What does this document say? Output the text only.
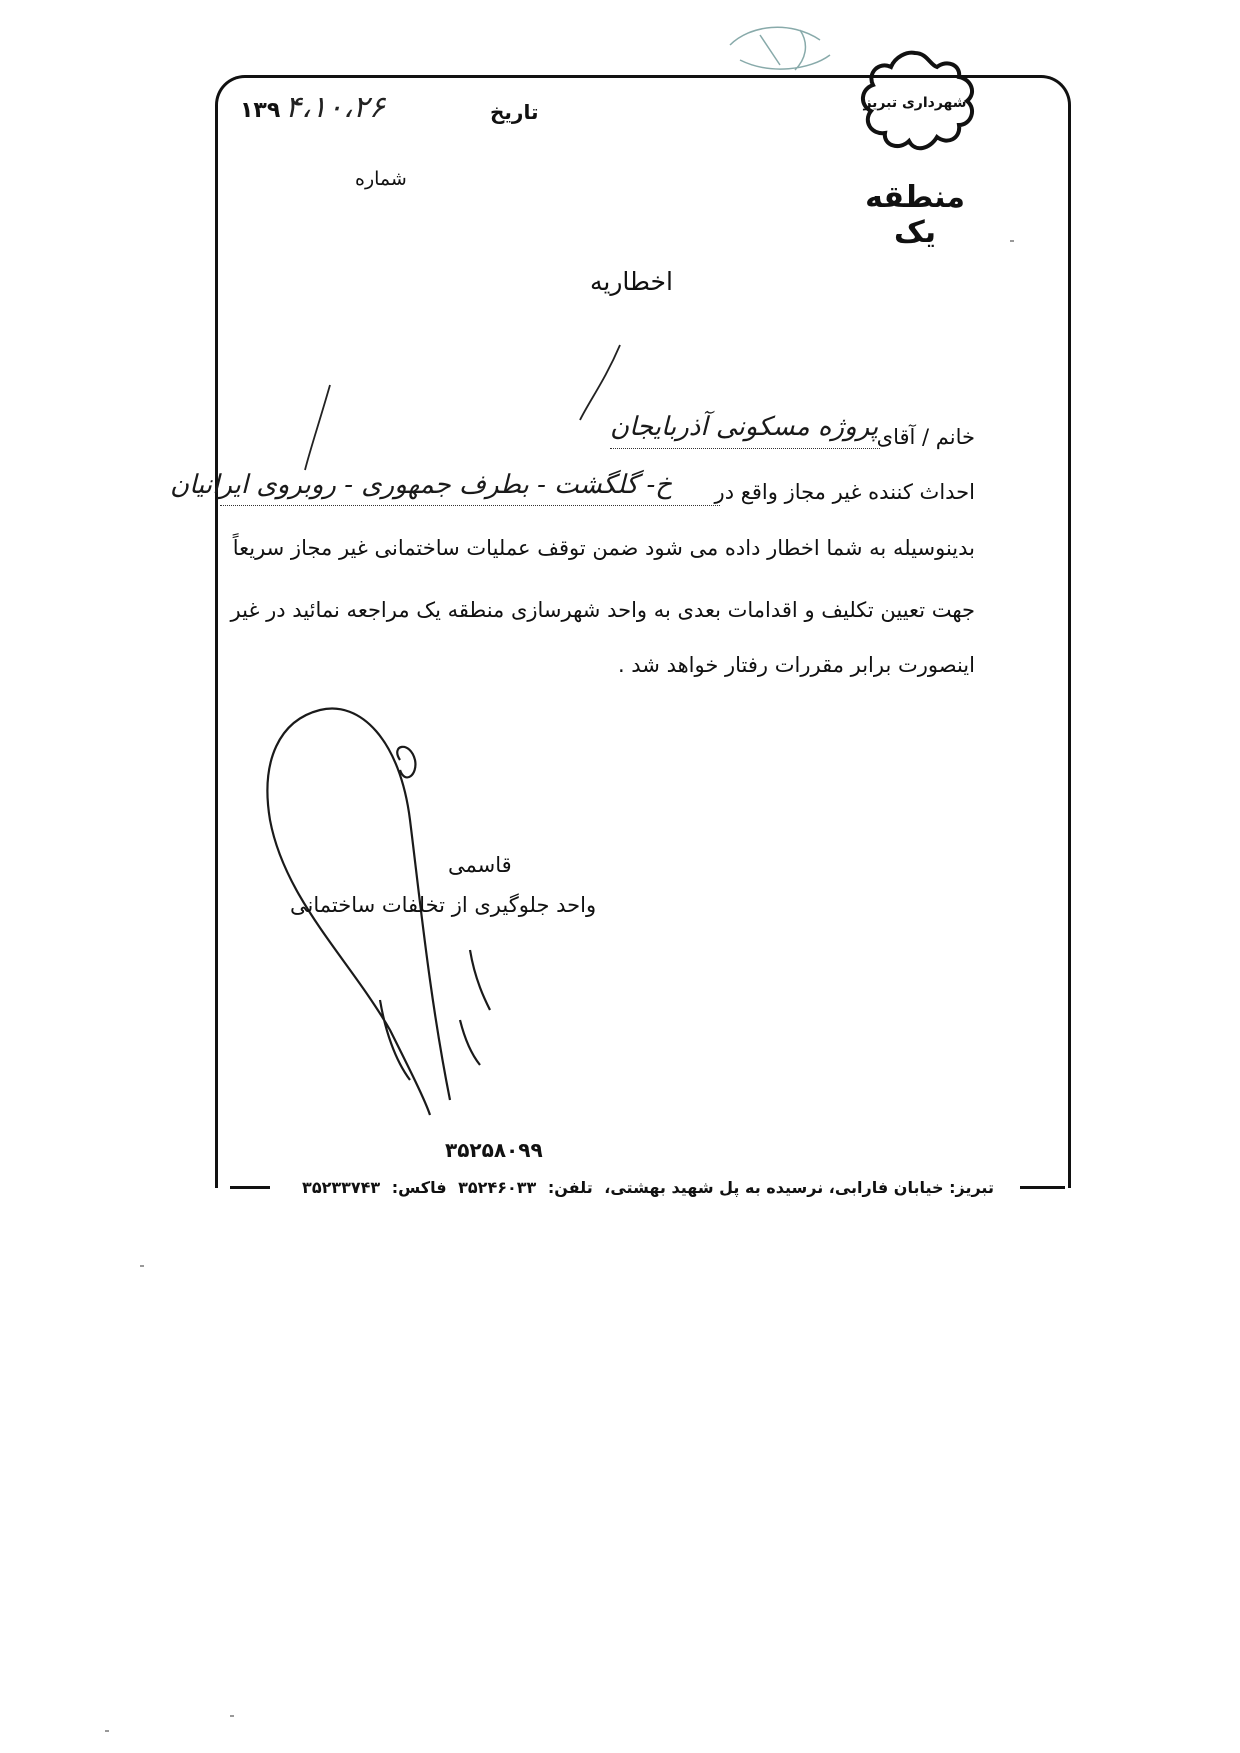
شهرداری تبریز
منطقه یک
تاریخ
۴،۱۰،۲۶
۱۳۹
شماره
اخطاریه
خانم / آقای
پروژه مسکونی آذربایجان
احداث کننده غیر مجاز واقع در
خ- گلگشت - بطرف جمهوری - روبروی ایرانیان
بدینوسیله به شما اخطار داده می شود ضمن توقف عملیات ساختمانی غیر مجاز سریعاً
جهت تعیین تکلیف و اقدامات بعدی به واحد شهرسازی منطقه یک مراجعه نمائید در غیر
اینصورت برابر مقررات رفتار خواهد شد .
قاسمی
واحد جلوگیری از تخلفات ساختمانی
۳۵۲۵۸۰۹۹
تبریز: خیابان فارابی، نرسیده به پل شهید بهشتی، تلفن: ۳۵۲۴۶۰۳۳ فاکس: ۳۵۲۳۳۷۴۳
